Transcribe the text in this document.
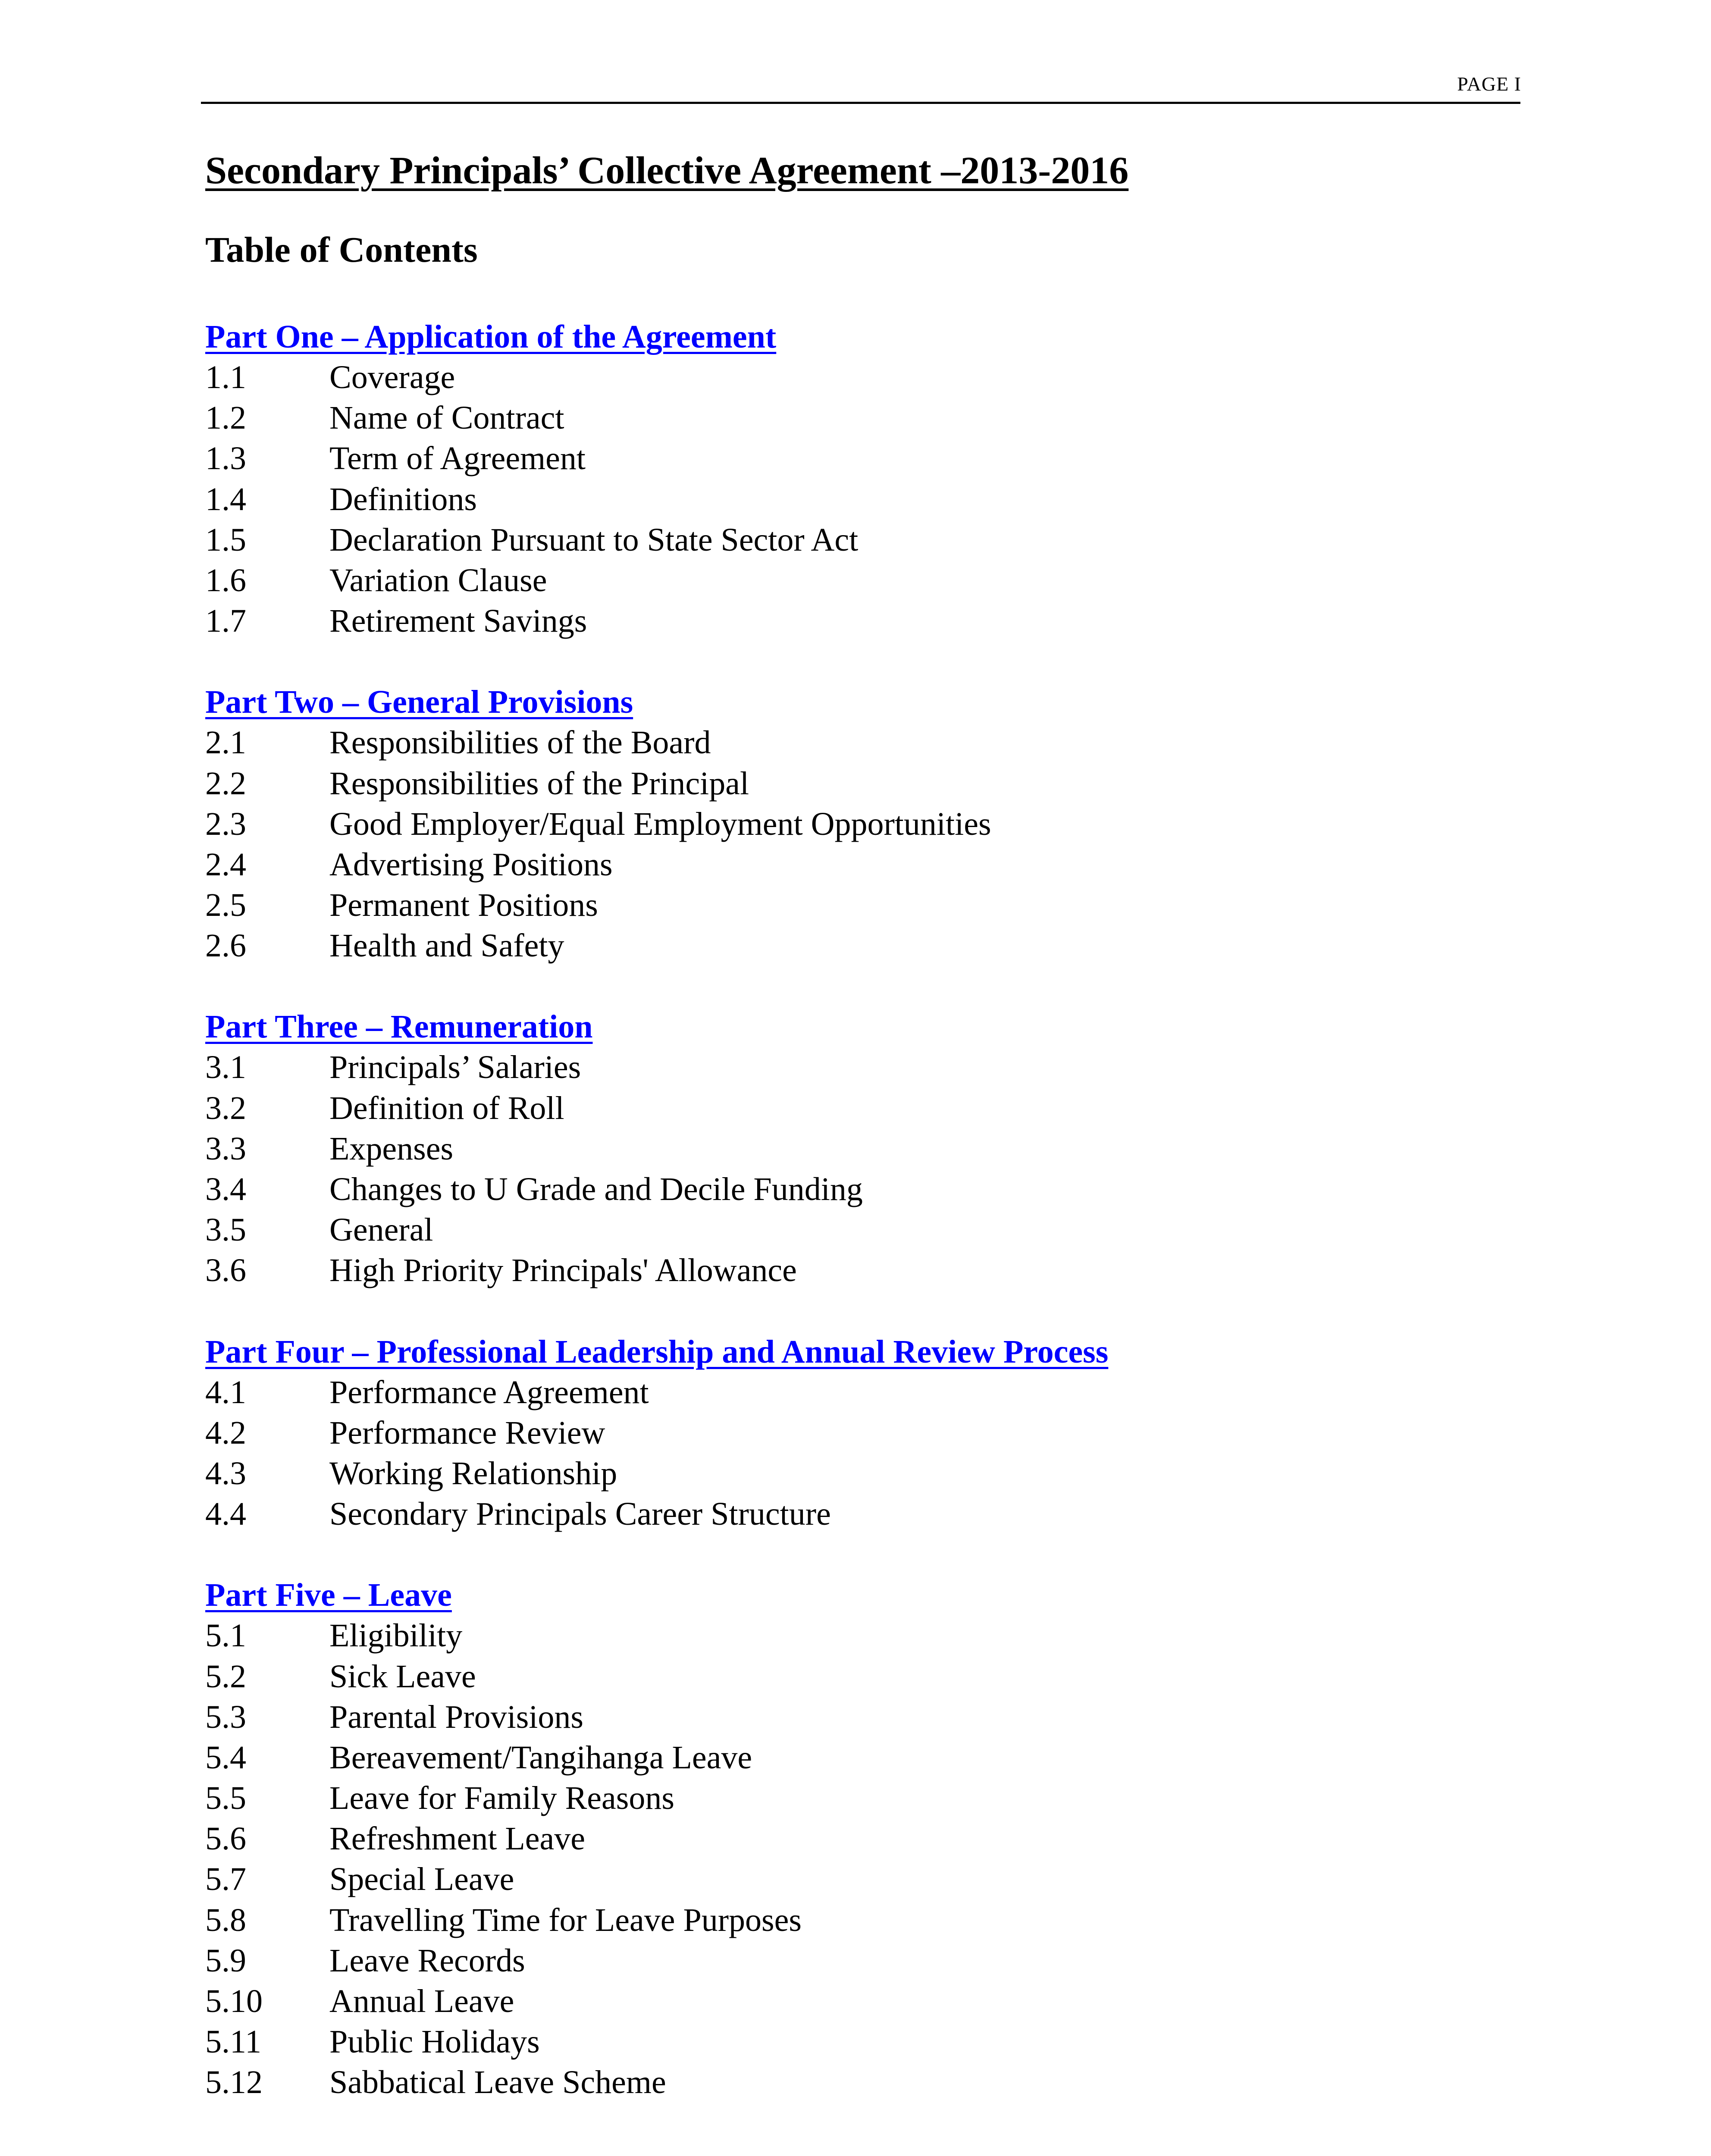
PAGE I
Secondary Principals’ Collective Agreement –2013-2016
Table of Contents
Part One – Application of the Agreement
1.1	Coverage
1.2	Name of Contract
1.3	Term of Agreement
1.4	Definitions
1.5	Declaration Pursuant to State Sector Act
1.6	Variation Clause
1.7	Retirement Savings
Part Two – General Provisions
2.1	Responsibilities of the Board
2.2	Responsibilities of the Principal
2.3	Good Employer/Equal Employment Opportunities
2.4	Advertising Positions
2.5	Permanent Positions
2.6	Health and Safety
Part Three – Remuneration
3.1	Principals’ Salaries
3.2	Definition of Roll
3.3	Expenses
3.4	Changes to U Grade and Decile Funding
3.5	General
3.6	High Priority Principals' Allowance
Part Four – Professional Leadership and Annual Review Process
4.1	Performance Agreement
4.2	Performance Review
4.3	Working Relationship
4.4	Secondary Principals Career Structure
Part Five – Leave
5.1	Eligibility
5.2	Sick Leave
5.3	Parental Provisions
5.4	Bereavement/Tangihanga Leave
5.5	Leave for Family Reasons
5.6	Refreshment Leave
5.7	Special Leave
5.8	Travelling Time for Leave Purposes
5.9	Leave Records
5.10	Annual Leave
5.11	Public Holidays
5.12	Sabbatical Leave Scheme
